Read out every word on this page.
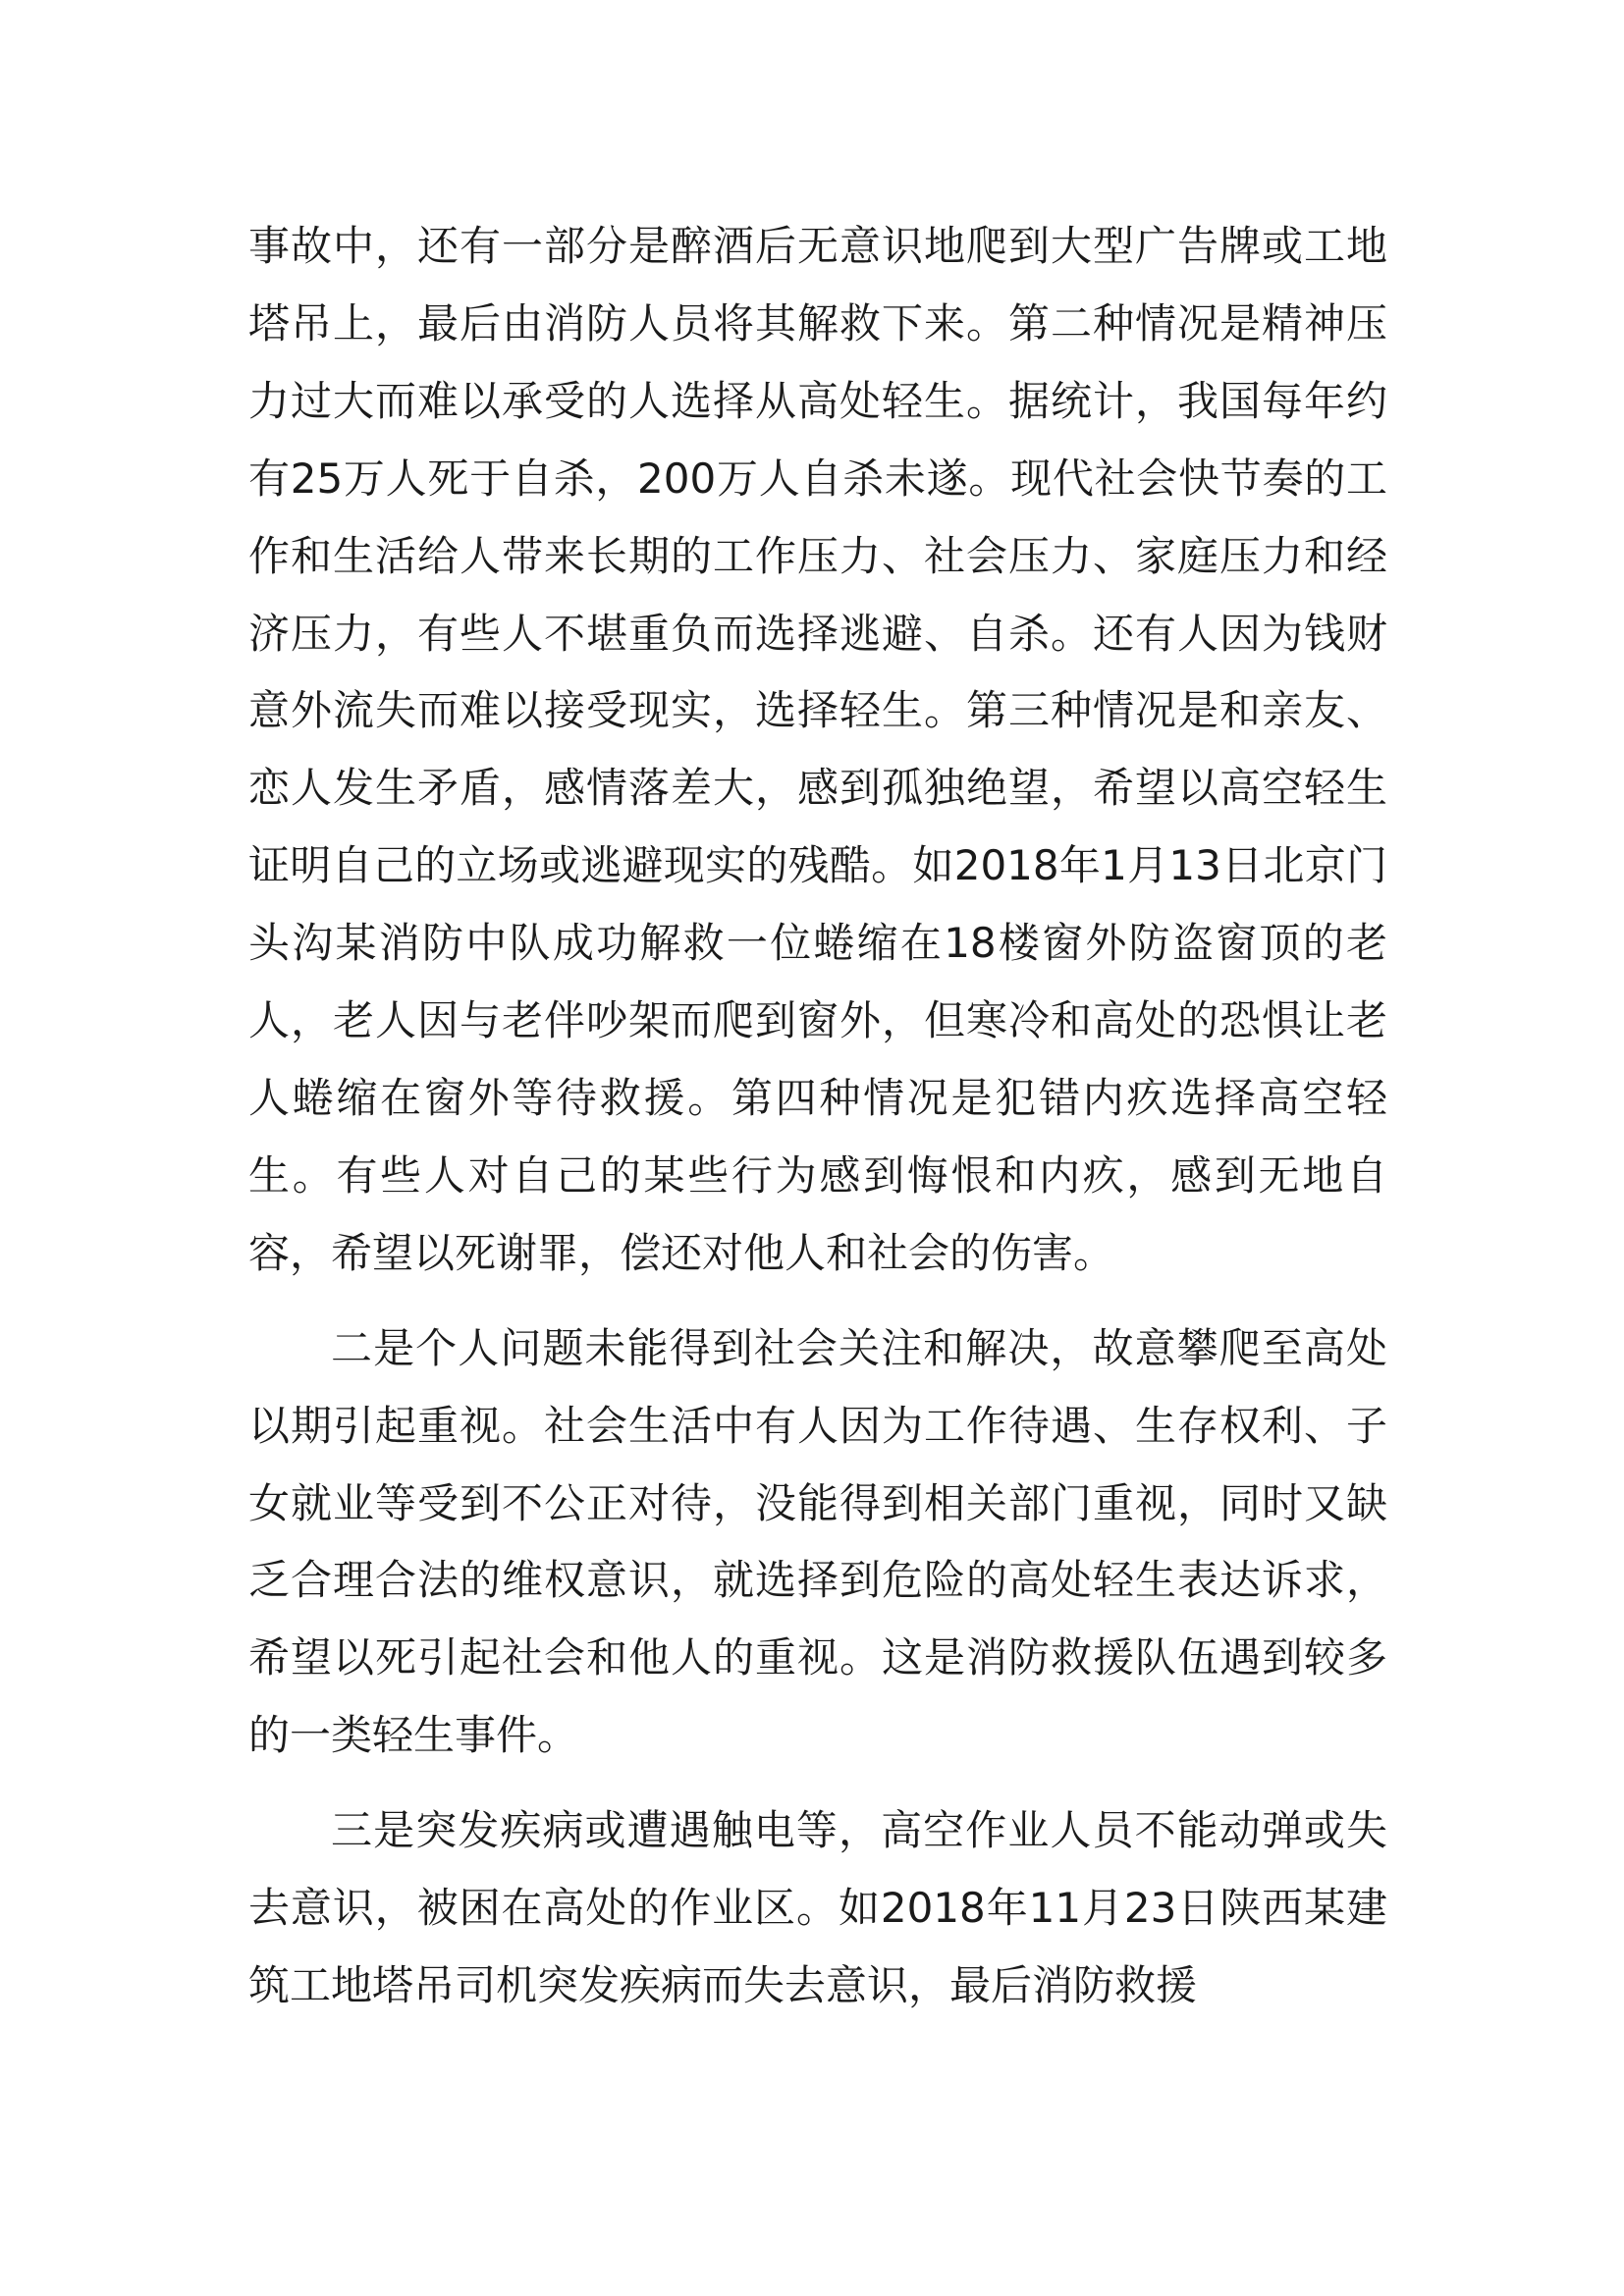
事故中，还有一部分是醉酒后无意识地爬到大型广告牌或工地塔吊上，最后由消防人员将其解救下来。第二种情况是精神压力过大而难以承受的人选择从高处轻生。据统计，我国每年约有25万人死于自杀，200万人自杀未遂。现代社会快节奏的工作和生活给人带来长期的工作压力、社会压力、家庭压力和经济压力，有些人不堪重负而选择逃避、自杀。还有人因为钱财意外流失而难以接受现实，选择轻生。第三种情况是和亲友、恋人发生矛盾，感情落差大，感到孤独绝望，希望以高空轻生证明自己的立场或逃避现实的残酷。如2018年1月13日北京门头沟某消防中队成功解救一位蜷缩在18楼窗外防盗窗顶的老人，老人因与老伴吵架而爬到窗外，但寒冷和高处的恐惧让老人蜷缩在窗外等待救援。第四种情况是犯错内疚选择高空轻生。有些人对自己的某些行为感到悔恨和内疚，感到无地自容，希望以死谢罪，偿还对他人和社会的伤害。

二是个人问题未能得到社会关注和解决，故意攀爬至高处以期引起重视。社会生活中有人因为工作待遇、生存权利、子女就业等受到不公正对待，没能得到相关部门重视，同时又缺乏合理合法的维权意识，就选择到危险的高处轻生表达诉求，希望以死引起社会和他人的重视。这是消防救援队伍遇到较多的一类轻生事件。

三是突发疾病或遭遇触电等，高空作业人员不能动弹或失去意识，被困在高处的作业区。如2018年11月23日陕西某建筑工地塔吊司机突发疾病而失去意识，最后消防救援
